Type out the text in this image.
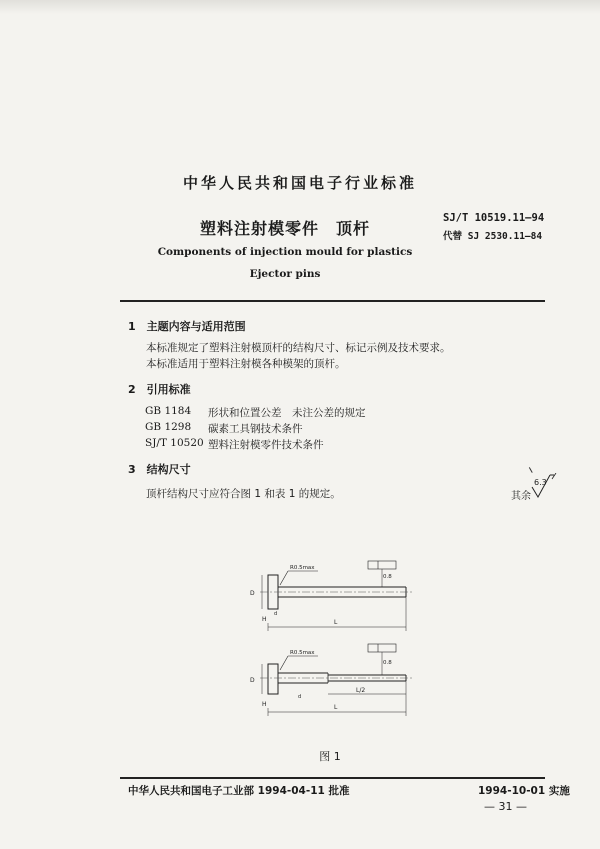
中华人民共和国电子行业标准
塑料注射模零件　顶杆
SJ/T 10519.11—94
代替 SJ 2530.11—84
Components of injection mould for plastics
Ejector pins
1　主题内容与适用范围
本标准规定了塑料注射模顶杆的结构尺寸、标记示例及技术要求。
本标准适用于塑料注射模各种模架的顶杆。
2　引用标准
GB 1184 形状和位置公差　未注公差的规定
GB 1298 碳素工具钢技术条件
SJ/T 10520 塑料注射模零件技术条件
3　结构尺寸
顶杆结构尺寸应符合图 1 和表 1 的规定。	其余
6.3
R0.5max
0.8
D
H	L
d
R0.5max
0.8
D
H
L/2
L
d
图 1
中华人民共和国电子工业部 1994-04-11 批准	1994-10-01 实施
— 31 —
